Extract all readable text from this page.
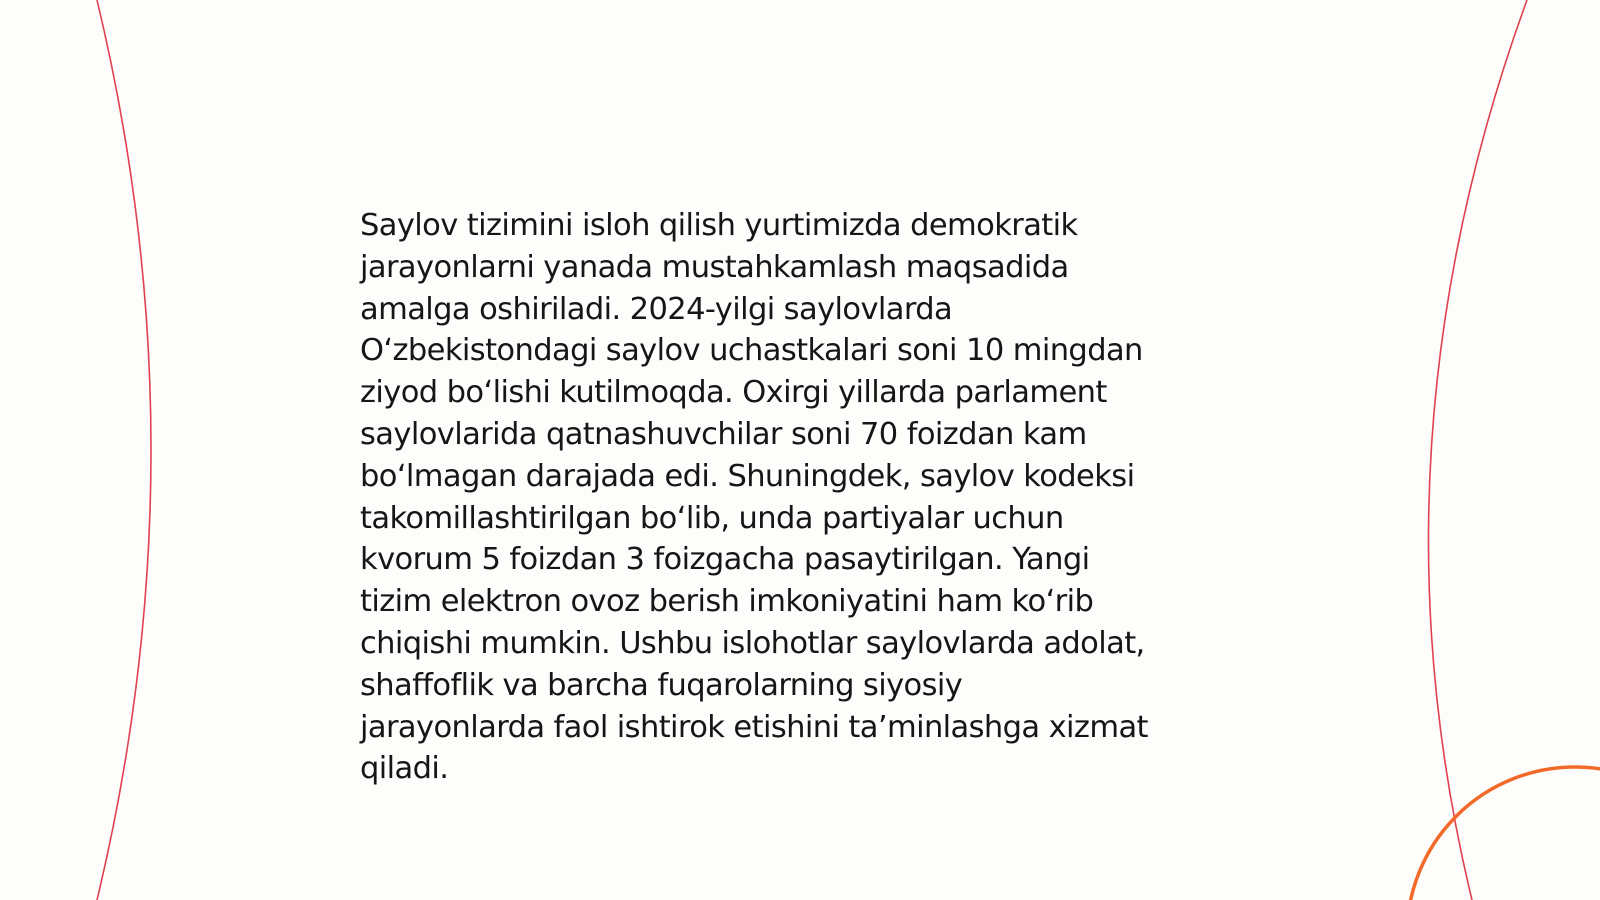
Saylov tizimini isloh qilish yurtimizda demokratik
jarayonlarni yanada mustahkamlash maqsadida
amalga oshiriladi. 2024-yilgi saylovlarda
O‘zbekistondagi saylov uchastkalari soni 10 mingdan
ziyod bo‘lishi kutilmoqda. Oxirgi yillarda parlament
saylovlarida qatnashuvchilar soni 70 foizdan kam
bo‘lmagan darajada edi. Shuningdek, saylov kodeksi
takomillashtirilgan bo‘lib, unda partiyalar uchun
kvorum 5 foizdan 3 foizgacha pasaytirilgan. Yangi
tizim elektron ovoz berish imkoniyatini ham ko‘rib
chiqishi mumkin. Ushbu islohotlar saylovlarda adolat,
shaffoflik va barcha fuqarolarning siyosiy
jarayonlarda faol ishtirok etishini ta’minlashga xizmat
qiladi.
